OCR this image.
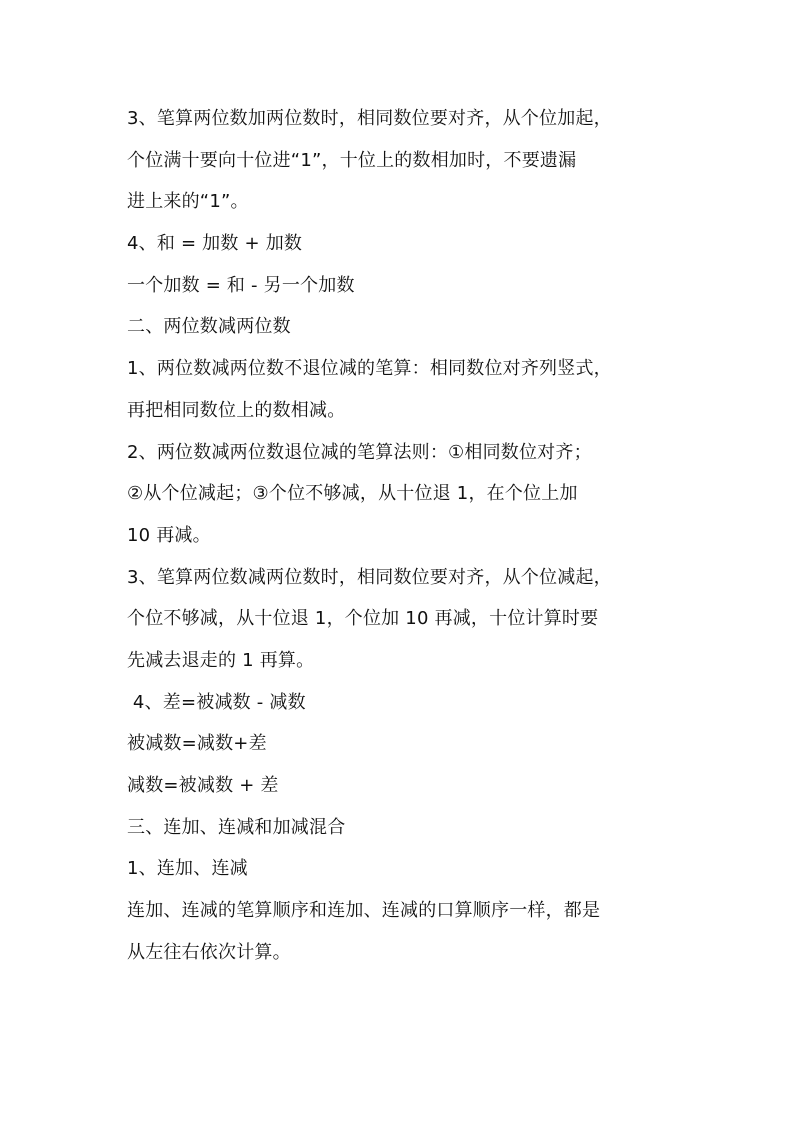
3、笔算两位数加两位数时，相同数位要对齐，从个位加起，
个位满十要向十位进“1”，十位上的数相加时，不要遗漏
进上来的“1”。
4、和 = 加数 + 加数
一个加数 = 和 - 另一个加数
二、两位数减两位数
1、两位数减两位数不退位减的笔算：相同数位对齐列竖式，
再把相同数位上的数相减。
2、两位数减两位数退位减的笔算法则：①相同数位对齐；
②从个位减起；③个位不够减，从十位退 1，在个位上加
10 再减。
3、笔算两位数减两位数时，相同数位要对齐，从个位减起，
个位不够减，从十位退 1，个位加 10 再减，十位计算时要
先减去退走的 1 再算。
4、差=被减数 - 减数
被减数=减数+差
减数=被减数 + 差
三、连加、连减和加减混合
1、连加、连减
连加、连减的笔算顺序和连加、连减的口算顺序一样，都是
从左往右依次计算。
